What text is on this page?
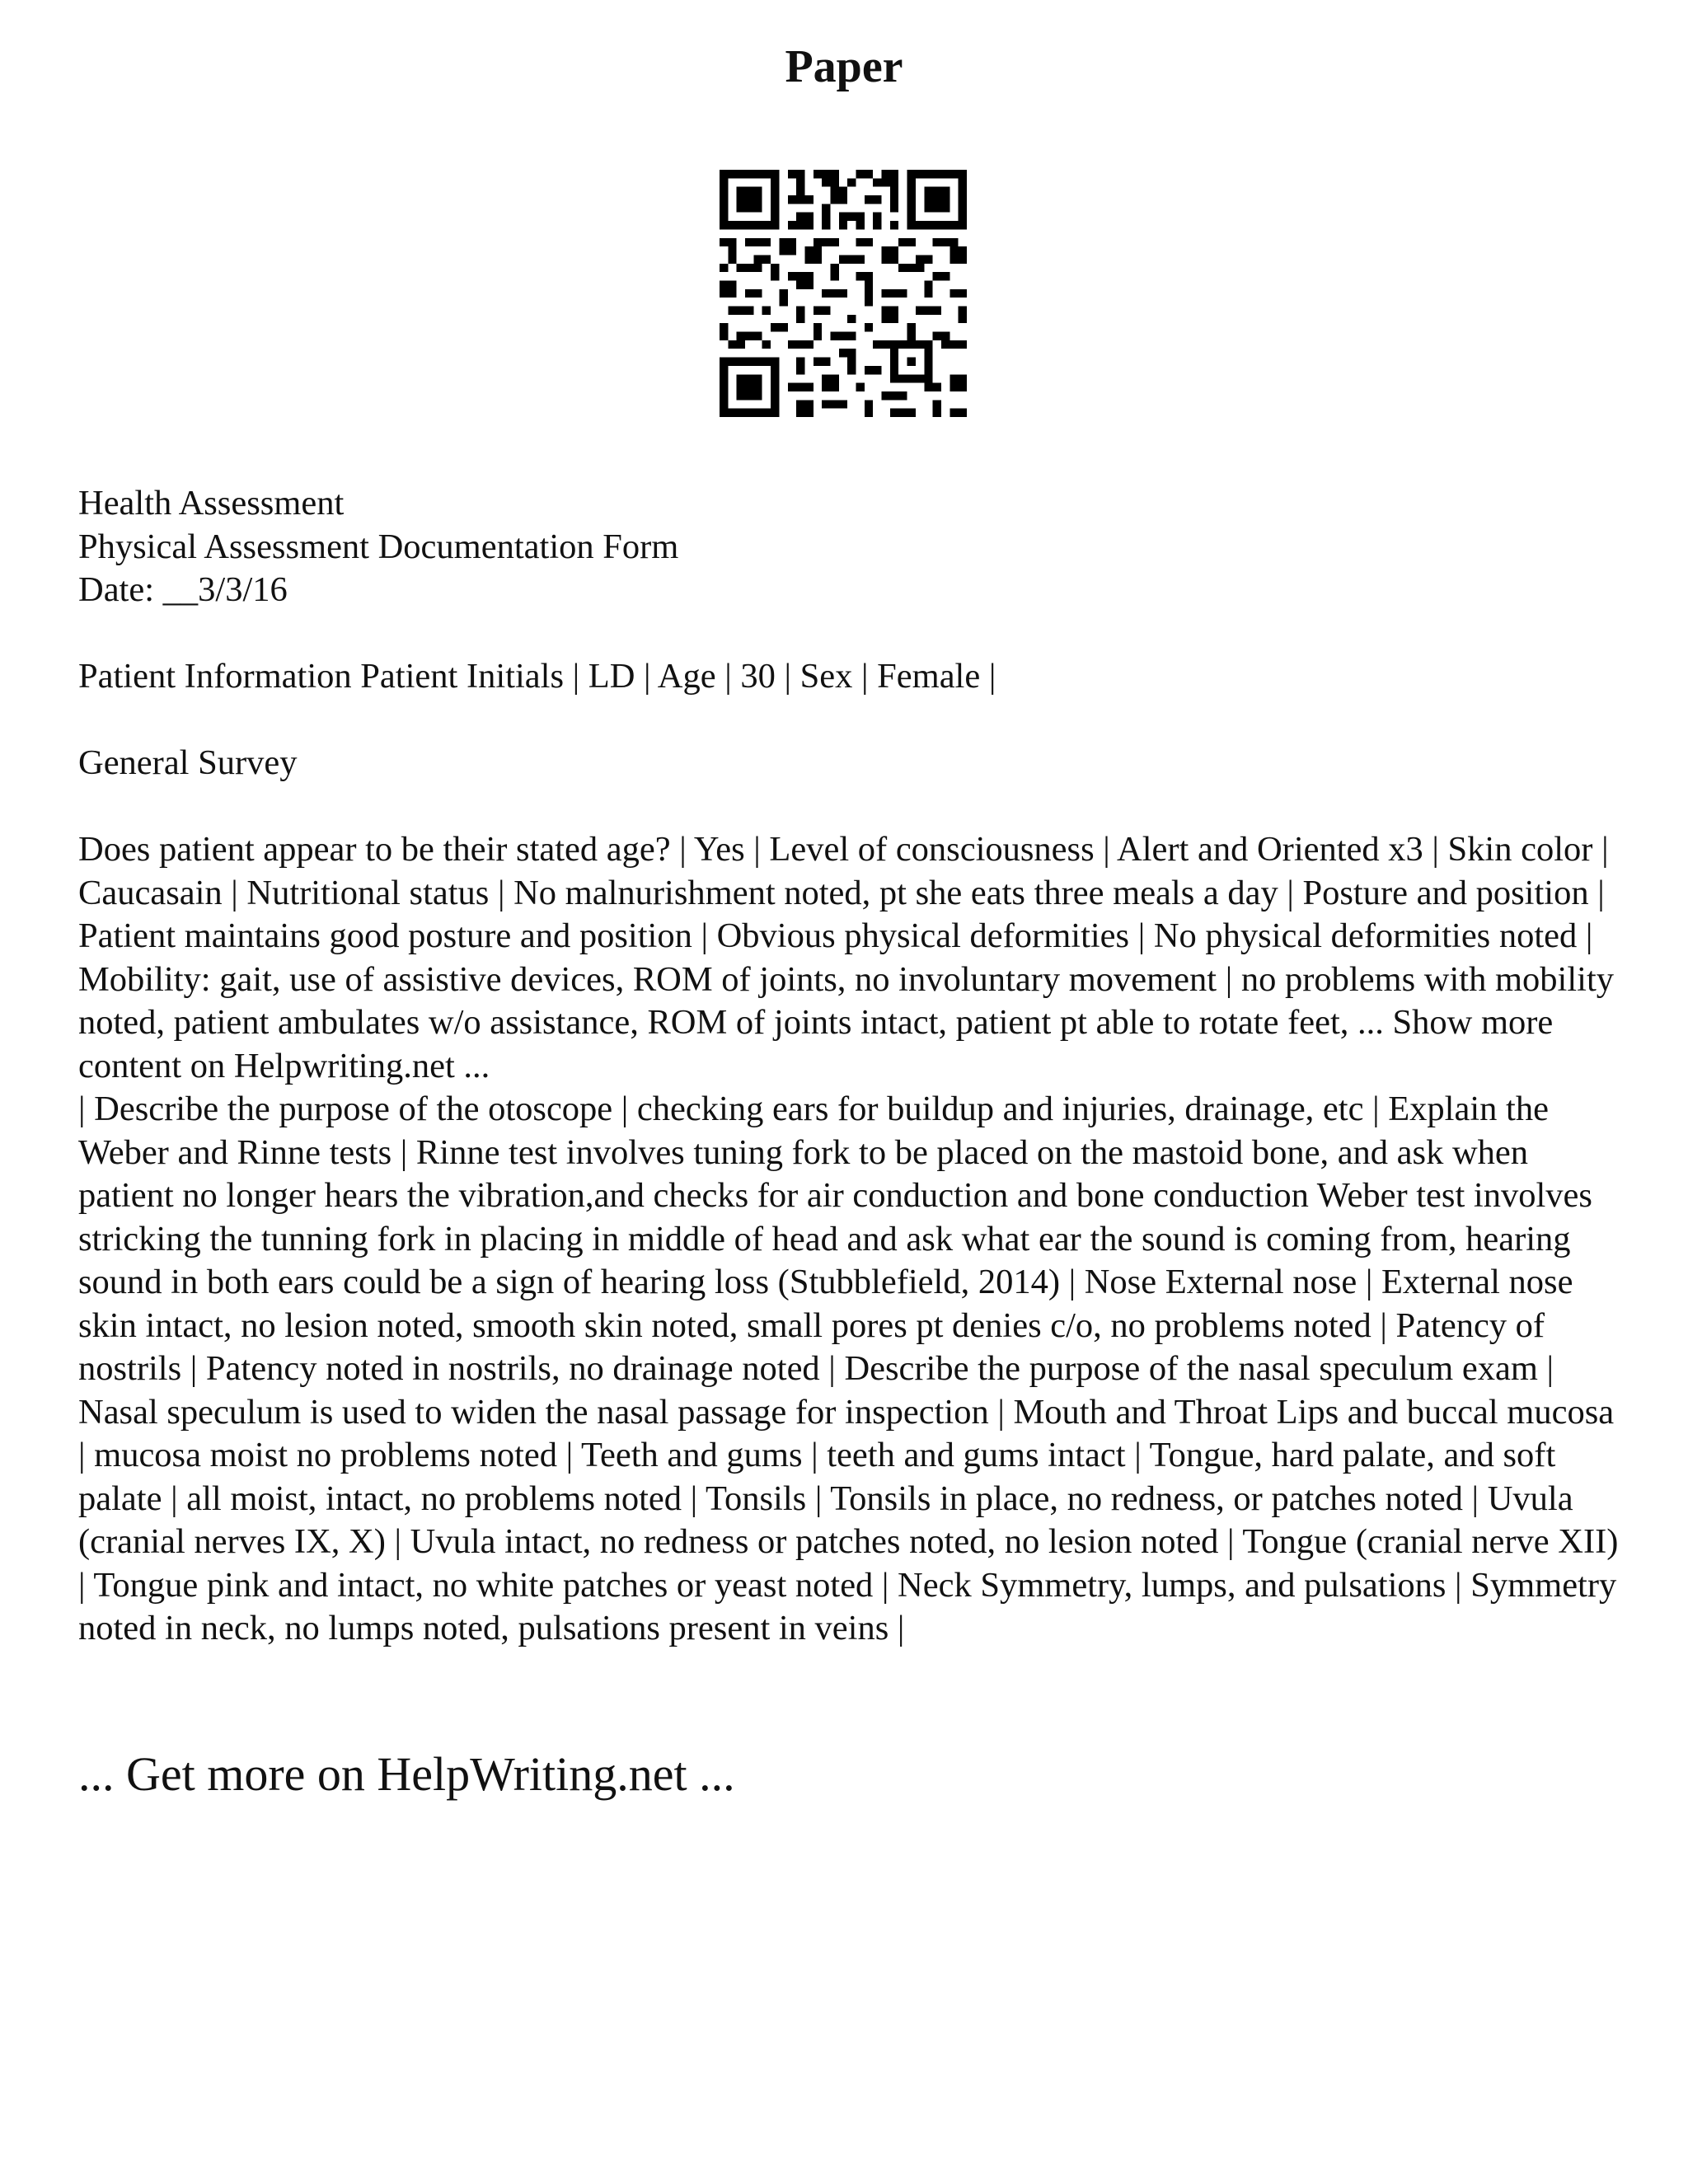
Paper

Health Assessment

Physical Assessment Documentation Form

Date: __3/3/16

Patient Information Patient Initials | LD | Age | 30 | Sex | Female |

General Survey

Does patient appear to be their stated age? | Yes | Level of consciousness | Alert and Oriented x3 | Skin color | Caucasain | Nutritional status | No malnurishment noted, pt she eats three meals a day | Posture and position | Patient maintains good posture and position | Obvious physical deformities | No physical deformities noted | Mobility: gait, use of assistive devices, ROM of joints, no involuntary movement | no problems with mobility noted, patient ambulates w/o assistance, ROM of joints intact, patient pt able to rotate feet, ... Show more content on Helpwriting.net ...

| Describe the purpose of the otoscope | checking ears for buildup and injuries, drainage, etc | Explain the Weber and Rinne tests | Rinne test involves tuning fork to be placed on the mastoid bone, and ask when patient no longer hears the vibration,and checks for air conduction and bone conduction Weber test involves stricking the tunning fork in placing in middle of head and ask what ear the sound is coming from, hearing sound in both ears could be a sign of hearing loss (Stubblefield, 2014) | Nose External nose | External nose skin intact, no lesion noted, smooth skin noted, small pores pt denies c/o, no problems noted | Patency of nostrils | Patency noted in nostrils, no drainage noted | Describe the purpose of the nasal speculum exam | Nasal speculum is used to widen the nasal passage for inspection | Mouth and Throat Lips and buccal mucosa | mucosa moist no problems noted | Teeth and gums | teeth and gums intact | Tongue, hard palate, and soft palate | all moist, intact, no problems noted | Tonsils | Tonsils in place, no redness, or patches noted | Uvula (cranial nerves IX, X) | Uvula intact, no redness or patches noted, no lesion noted | Tongue (cranial nerve XII) | Tongue pink and intact, no white patches or yeast noted | Neck Symmetry, lumps, and pulsations | Symmetry noted in neck, no lumps noted, pulsations present in veins |

... Get more on HelpWriting.net ...
